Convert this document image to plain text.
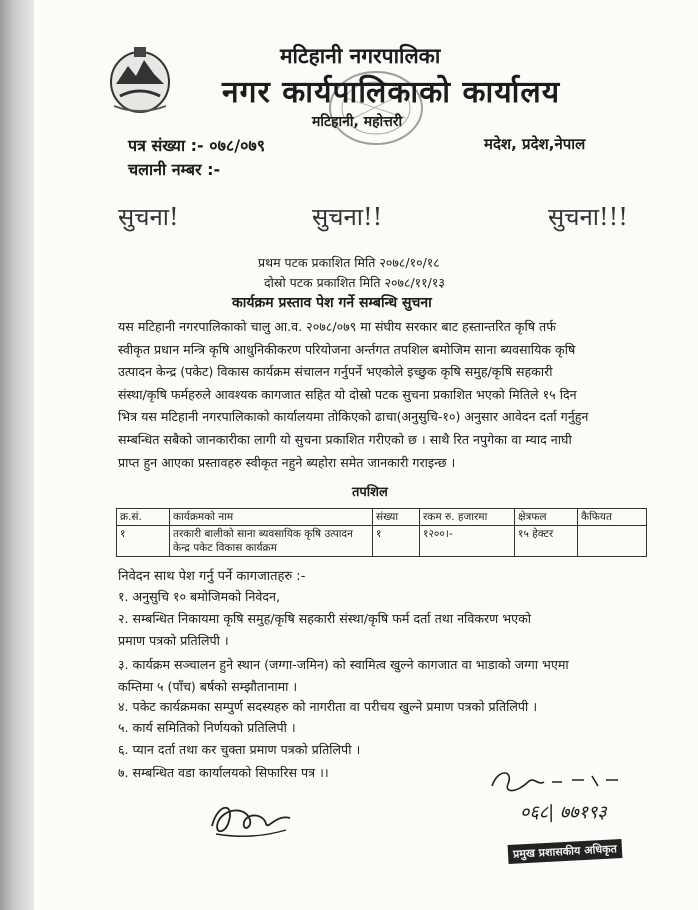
मटिहानी नगरपालिका
नगर कार्यपालिकाको कार्यालय
मटिहानी, महोत्तरी
पत्र संख्या :- ०७८/०७९
चलानी नम्बर :-
मदेश, प्रदेश,नेपाल
सुचना!	सुचना!!	सुचना!!!
प्रथम पटक प्रकाशित मिति २०७८/१०/१८
दोस्रो पटक प्रकाशित मिति २०७८/११/१३
कार्यक्रम प्रस्ताव पेश गर्ने सम्बन्धि सुचना
यस मटिहानी नगरपालिकाको चालु आ.व. २०७८/०७९ मा संघीय सरकार बाट हस्तान्तरित कृषि तर्फ
स्वीकृत प्रधान मन्त्रि कृषि आधुनिकीकरण परियोजना अर्न्तगत तपशिल बमोजिम साना ब्यवसायिक कृषि
उत्पादन केन्द्र (पकेट) विकास कार्यक्रम संचालन गर्नुपर्ने भएकोले इच्छुक कृषि समुह/कृषि सहकारी
संस्था/कृषि फर्महरुले आवश्यक कागजात सहित यो दोस्रो पटक सुचना प्रकाशित भएको मितिले १५ दिन
भित्र यस मटिहानी नगरपालिकाको कार्यालयमा तोकिएको ढाचा(अनुसुचि-१०) अनुसार आवेदन दर्ता गर्नुहुन
सम्बन्धित सबैको जानकारीका लागी यो सुचना प्रकाशित गरीएको छ । साथै रित नपुगेका वा म्याद नाघी
प्राप्त हुन आएका प्रस्तावहरु स्वीकृत नहुने ब्यहोरा समेत जानकारी गराइन्छ ।
तपशिल
क्र.सं.	कार्यक्रमको नाम	संख्या	रकम रु. हजारमा	क्षेत्रफल	कैफियत
१	तरकारी बालीको साना ब्यवसायिक कृषि उत्पादन
केन्द्र पकेट विकास कार्यक्रम	१	१२००।-	१५ हेक्टर	
निवेदन साथ पेश गर्नु पर्ने कागजातहरु :-
१. अनुसुचि १० बमोजिमको निवेदन,
२. सम्बन्धित निकायमा कृषि समुह/कृषि सहकारी संस्था/कृषि फर्म दर्ता तथा नविकरण भएको
प्रमाण पत्रको प्रतिलिपी ।
३. कार्यक्रम सञ्चालन हुने स्थान (जग्गा-जमिन) को स्वामित्व खुल्ने कागजात वा भाडाको जग्गा भएमा
कम्तिमा ५ (पाँच) बर्षको सम्झौतानामा ।
४. पकेट कार्यक्रमका सम्पुर्ण सदस्यहरु को नागरीता वा परीचय खुल्ने प्रमाण पत्रको प्रतिलिपी ।
५. कार्य समितिको निर्णयको प्रतिलिपी ।
६. प्यान दर्ता तथा कर चुक्ता प्रमाण पत्रको प्रतिलिपी ।
७. सम्बन्धित वडा कार्यालयको सिफारिस पत्र ।।
०६८| ७७१९३
प्रमुख प्रशासकीय अधिकृत
